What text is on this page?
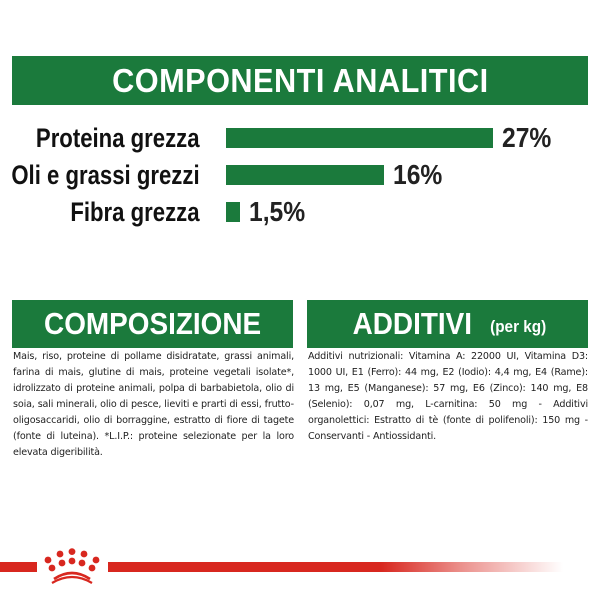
COMPONENTI ANALITICI
Proteina grezza	27%
Oli e grassi grezzi	16%
Fibra grezza 1,5%
COMPOSIZIONE
Mais, riso, proteine di pollame disidratate, grassi animali, farina di mais, glutine di mais, proteine vegetali isolate*, idrolizzato di proteine animali, polpa di barbabietola, olio di soia, sali minerali, olio di pesce, lieviti e prarti di essi, frutto-oligosaccaridi, olio di borraggine, estratto di fiore di tagete (fonte di luteina). *L.I.P.: proteine selezionate per la loro elevata digeribilità.
ADDITIVI (per kg)
Additivi nutrizionali: Vitamina A: 22000 UI, Vitamina D3: 1000 UI, E1 (Ferro): 44 mg, E2 (Iodio): 4,4 mg, E4 (Rame): 13 mg, E5 (Manganese): 57 mg, E6 (Zinco): 140 mg, E8 (Selenio): 0,07 mg, L-carnitina: 50 mg - Additivi organolettici: Estratto di tè (fonte di polifenoli): 150 mg - Conservanti - Antiossidanti.
